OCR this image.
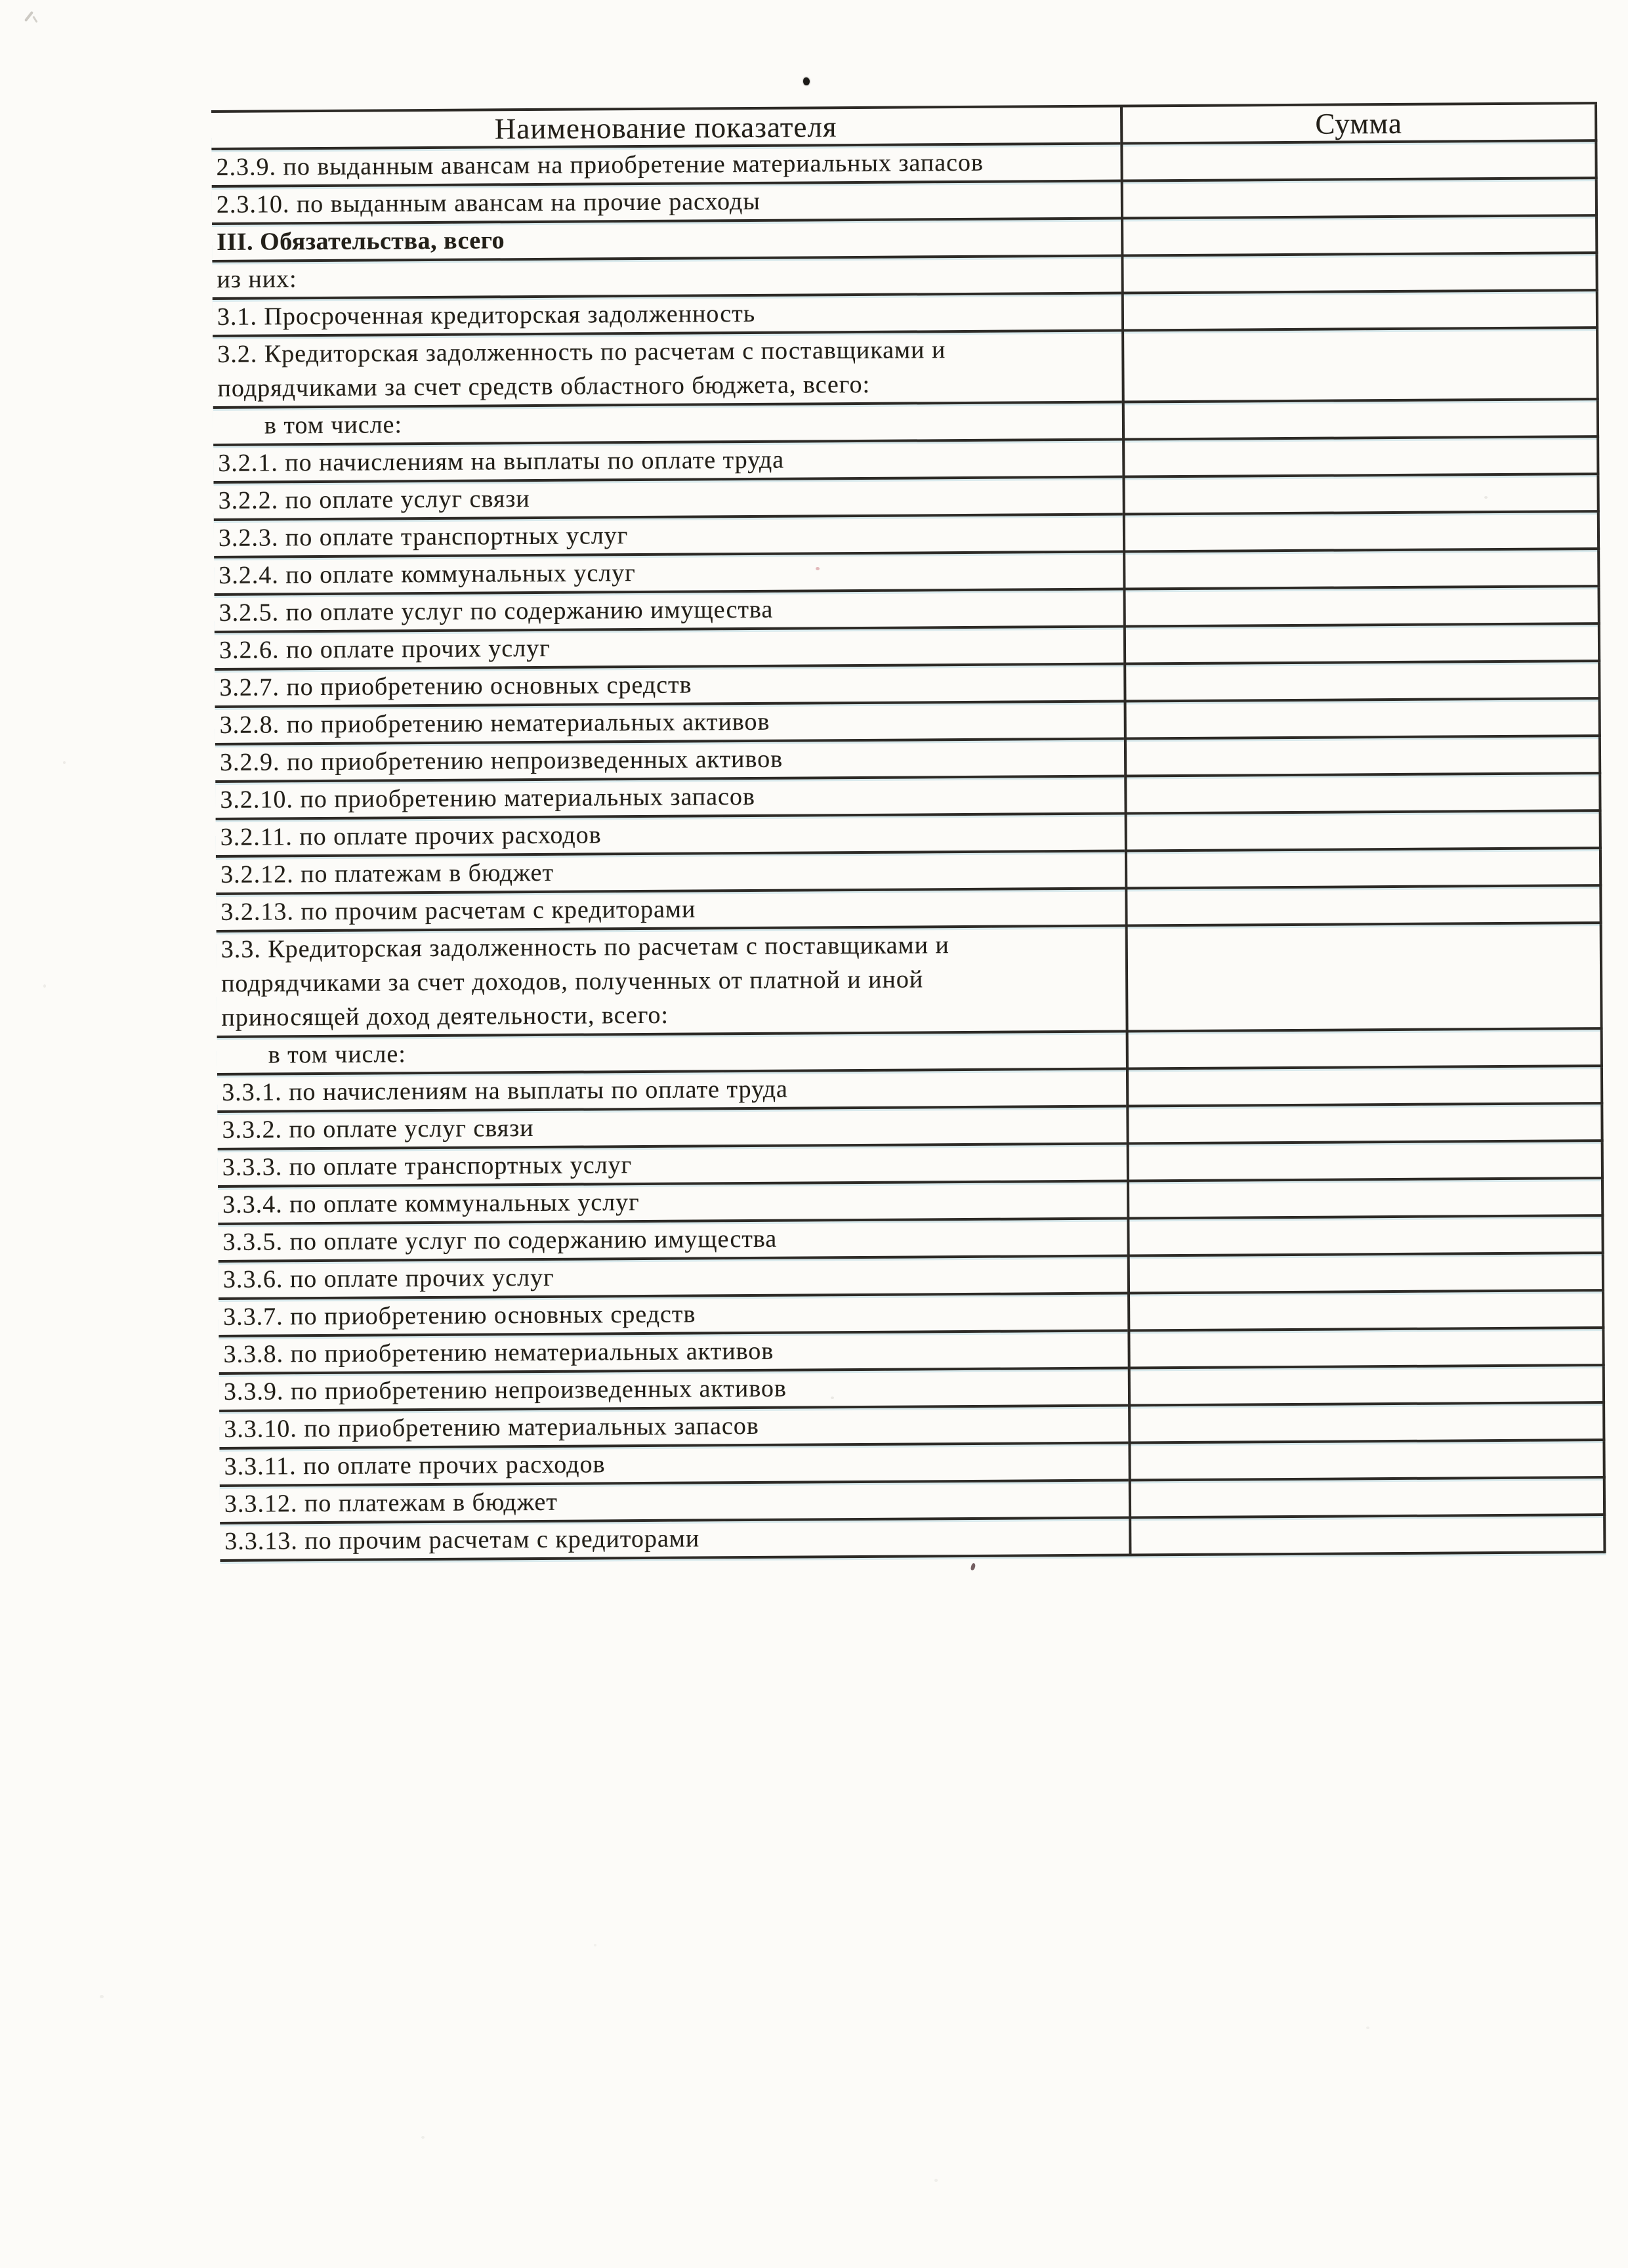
Наименование показателя	Сумма
2.3.9. по выданным авансам на приобретение материальных запасов	
2.3.10. по выданным авансам на прочие расходы	
III. Обязательства, всего	
из них:	
3.1. Просроченная кредиторская задолженность	
3.2. Кредиторская задолженность по расчетам с поставщиками и
подрядчиками за счет средств областного бюджета, всего:	
в том числе:	
3.2.1. по начислениям на выплаты по оплате труда	
3.2.2. по оплате услуг связи	
3.2.3. по оплате транспортных услуг	
3.2.4. по оплате коммунальных услуг	
3.2.5. по оплате услуг по содержанию имущества	
3.2.6. по оплате прочих услуг	
3.2.7. по приобретению основных средств	
3.2.8. по приобретению нематериальных активов	
3.2.9. по приобретению непроизведенных активов	
3.2.10. по приобретению материальных запасов	
3.2.11. по оплате прочих расходов	
3.2.12. по платежам в бюджет	
3.2.13. по прочим расчетам с кредиторами	
3.3. Кредиторская задолженность по расчетам с поставщиками и
подрядчиками за счет доходов, полученных от платной и иной
приносящей доход деятельности, всего:	
в том числе:	
3.3.1. по начислениям на выплаты по оплате труда	
3.3.2. по оплате услуг связи	
3.3.3. по оплате транспортных услуг	
3.3.4. по оплате коммунальных услуг	
3.3.5. по оплате услуг по содержанию имущества	
3.3.6. по оплате прочих услуг	
3.3.7. по приобретению основных средств	
3.3.8. по приобретению нематериальных активов	
3.3.9. по приобретению непроизведенных активов	
3.3.10. по приобретению материальных запасов	
3.3.11. по оплате прочих расходов	
3.3.12. по платежам в бюджет	
3.3.13. по прочим расчетам с кредиторами	
